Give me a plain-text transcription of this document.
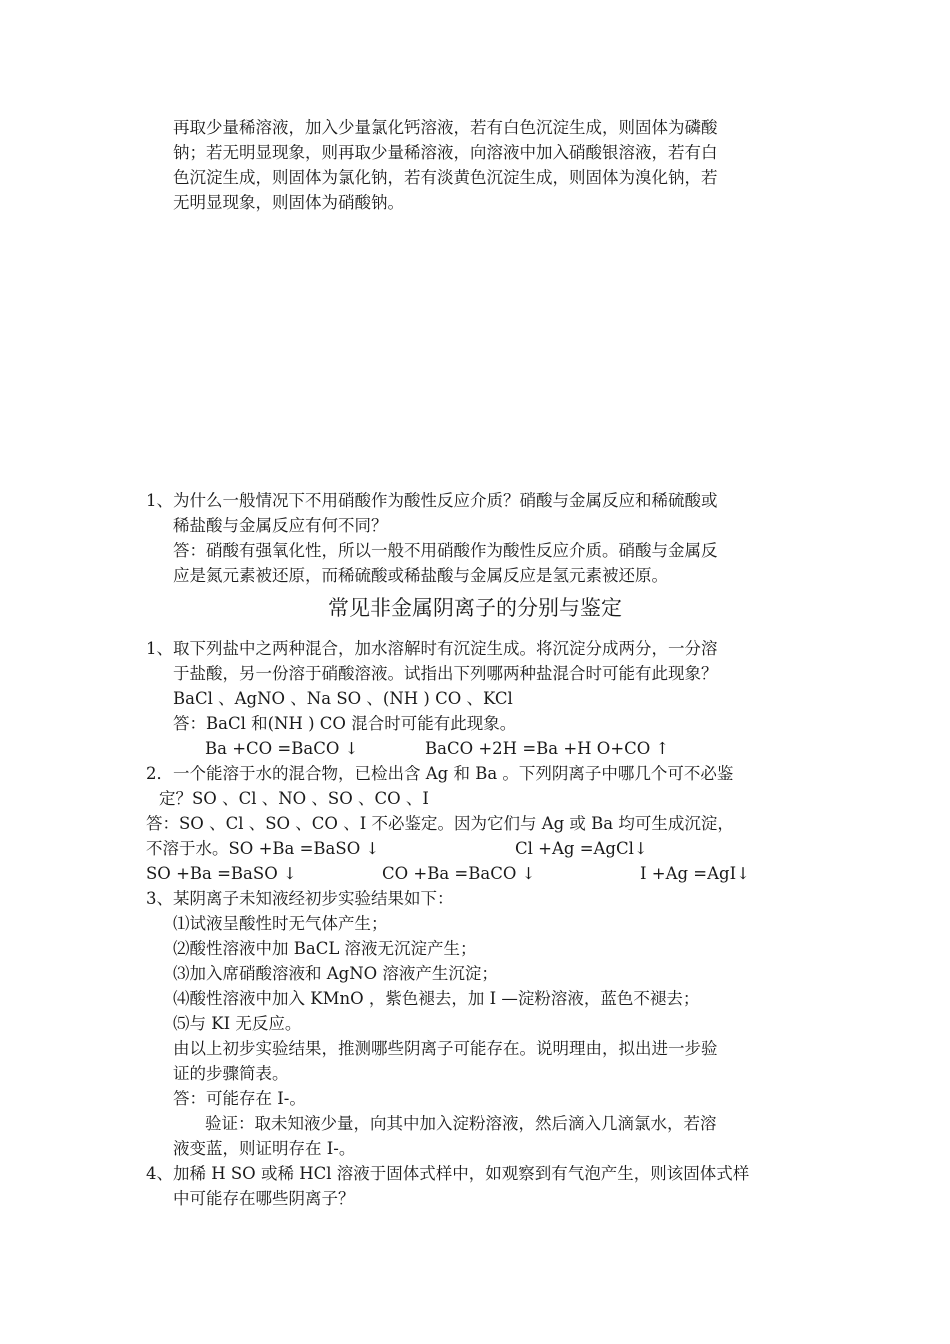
再取少量稀溶液，加入少量氯化钙溶液，若有白色沉淀生成，则固体为磷酸
钠；若无明显现象，则再取少量稀溶液，向溶液中加入硝酸银溶液，若有白
色沉淀生成，则固体为氯化钠，若有淡黄色沉淀生成，则固体为溴化钠，若
无明显现象，则固体为硝酸钠。
1、为什么一般情况下不用硝酸作为酸性反应介质？硝酸与金属反应和稀硫酸或
稀盐酸与金属反应有何不同？
答：硝酸有强氧化性，所以一般不用硝酸作为酸性反应介质。硝酸与金属反
应是氮元素被还原，而稀硫酸或稀盐酸与金属反应是氢元素被还原。
常见非金属阴离子的分别与鉴定
1、取下列盐中之两种混合，加水溶解时有沉淀生成。将沉淀分成两分，一分溶
于盐酸，另一份溶于硝酸溶液。试指出下列哪两种盐混合时可能有此现象？
BaCl 、AgNO 、Na SO 、(NH ) CO 、KCl
答：BaCl 和(NH ) CO 混合时可能有此现象。
Ba +CO =BaCO ↓	BaCO +2H =Ba +H O+CO ↑
2．一个能溶于水的混合物，已检出含 Ag 和 Ba 。下列阴离子中哪几个可不必鉴
定？SO 、Cl 、NO 、SO 、CO 、I
答：SO 、Cl 、SO 、CO 、I 不必鉴定。因为它们与 Ag 或 Ba 均可生成沉淀，
不溶于水。SO +Ba =BaSO ↓	Cl +Ag =AgCl↓
SO +Ba =BaSO ↓	CO +Ba =BaCO ↓	I +Ag =AgI↓
3、某阴离子未知液经初步实验结果如下：
⑴试液呈酸性时无气体产生；
⑵酸性溶液中加 BaCL 溶液无沉淀产生；
⑶加入席硝酸溶液和 AgNO 溶液产生沉淀；
⑷酸性溶液中加入 KMnO ，紫色褪去，加 I —淀粉溶液，蓝色不褪去；
⑸与 KI 无反应。
由以上初步实验结果，推测哪些阴离子可能存在。说明理由，拟出进一步验
证的步骤简表。
答：可能存在 I-。
验证：取未知液少量，向其中加入淀粉溶液，然后滴入几滴氯水，若溶
液变蓝，则证明存在 I-。
4、加稀 H SO 或稀 HCl 溶液于固体式样中，如观察到有气泡产生，则该固体式样
中可能存在哪些阴离子？
